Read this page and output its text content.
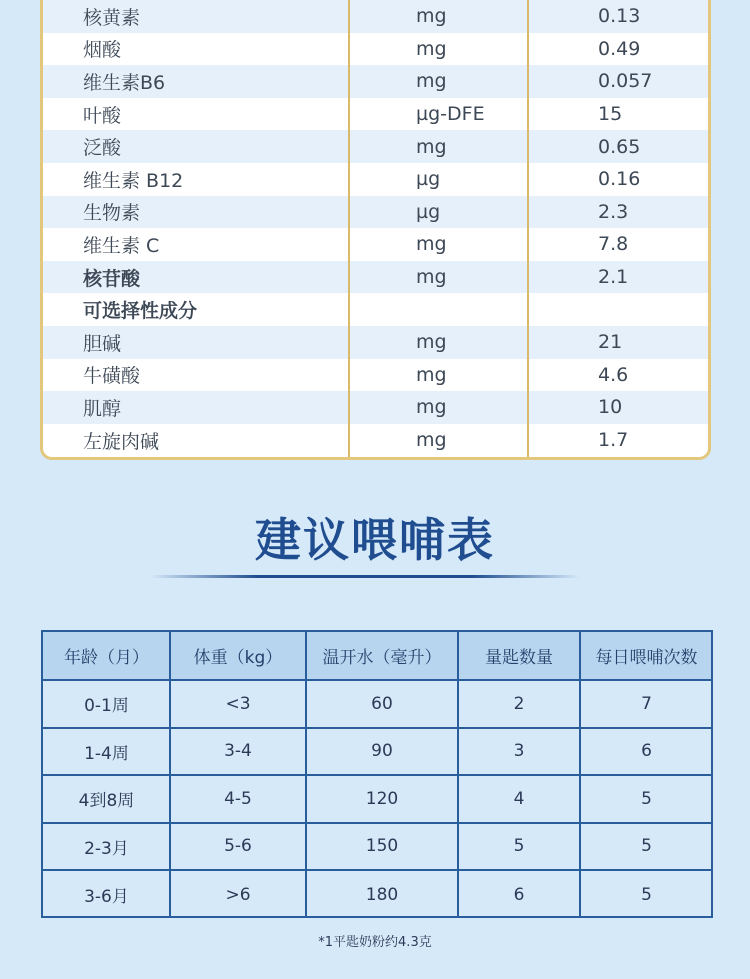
左旋肉碱	mg	1.7
肌醇	mg	10
牛磺酸	mg	4.6
胆碱	mg	21
可选择性成分
核苷酸	mg	2.1
维生素 C	mg	7.8
生物素	µg	2.3
维生素 B12	µg	0.16
泛酸	mg	0.65
叶酸	µg-DFE	15
维生素B6	mg	0.057
烟酸	mg	0.49
核黄素	mg	0.13
建议喂哺表
年龄（月）	体重（kg）	温开水（毫升）	量匙数量	每日喂哺次数
0-1周	<3	60	2	7
1-4周	3-4	90	3	6
4到8周	4-5	120	4	5
2-3月	5-6	150	5	5
3-6月	>6	180	6	5
*1平匙奶粉约4.3克
